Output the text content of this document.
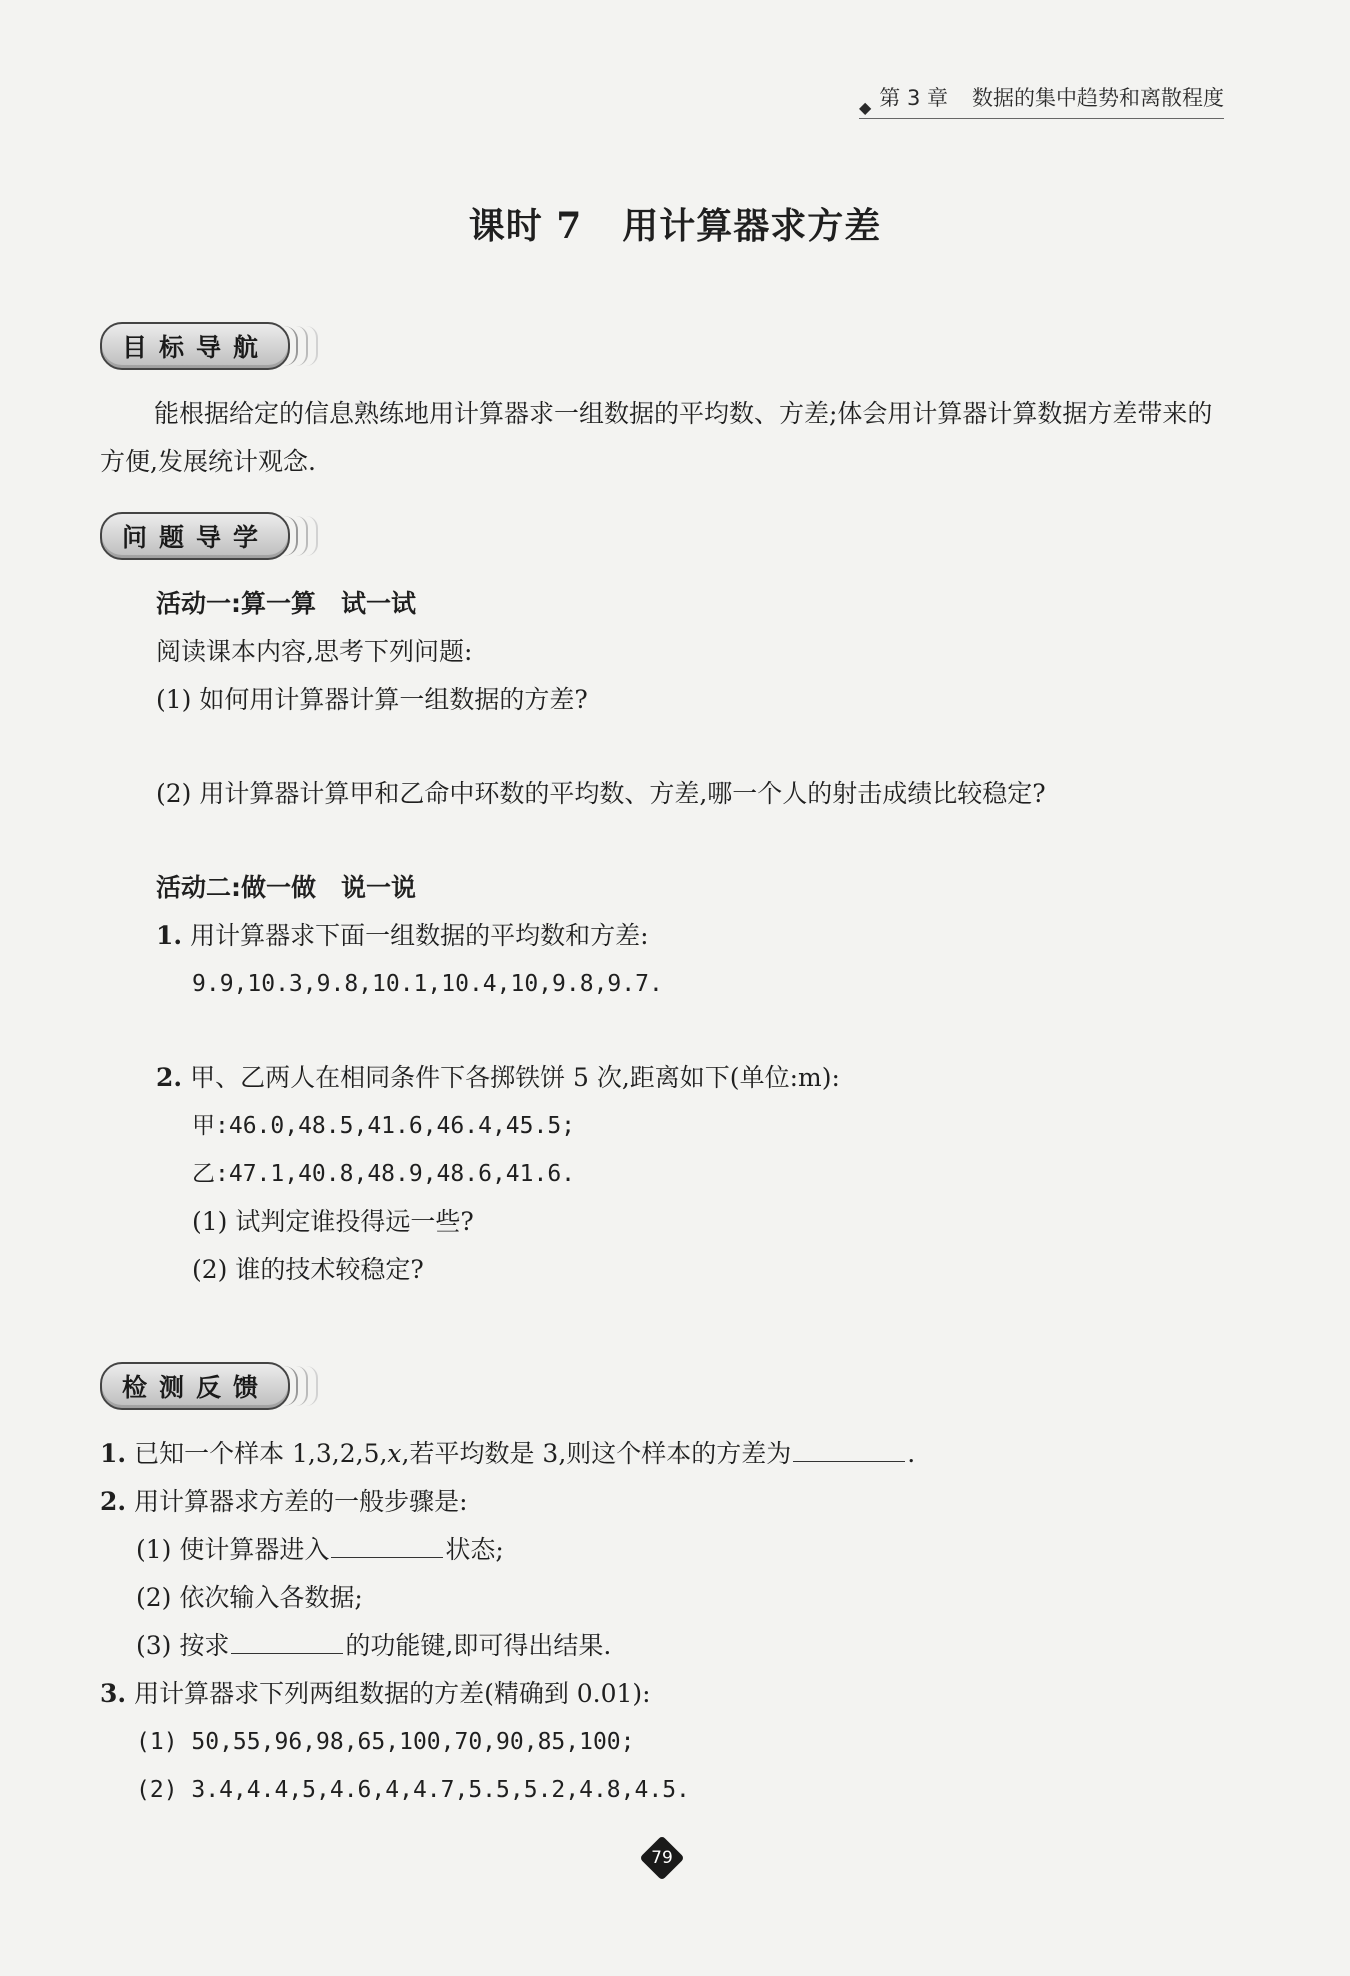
◆ 第 3 章 数据的集中趋势和离散程度
课时 7 用计算器求方差
目标导航
能根据给定的信息熟练地用计算器求一组数据的平均数、方差;体会用计算器计算数据方差带来的方便,发展统计观念.
问题导学
活动一:算一算　试一试
阅读课本内容,思考下列问题:
(1) 如何用计算器计算一组数据的方差?
(2) 用计算器计算甲和乙命中环数的平均数、方差,哪一个人的射击成绩比较稳定?
活动二:做一做　说一说
1. 用计算器求下面一组数据的平均数和方差:
9.9,10.3,9.8,10.1,10.4,10,9.8,9.7.
2. 甲、乙两人在相同条件下各掷铁饼 5 次,距离如下(单位:m):
甲:46.0,48.5,41.6,46.4,45.5;
乙:47.1,40.8,48.9,48.6,41.6.
(1) 试判定谁投得远一些?
(2) 谁的技术较稳定?
检测反馈
1. 已知一个样本 1,3,2,5,x,若平均数是 3,则这个样本的方差为	.
2. 用计算器求方差的一般步骤是:
(1) 使计算器进入	状态;
(2) 依次输入各数据;
(3) 按求	的功能键,即可得出结果.
3. 用计算器求下列两组数据的方差(精确到 0.01):
(1) 50,55,96,98,65,100,70,90,85,100;
(2) 3.4,4.4,5,4.6,4,4.7,5.5,5.2,4.8,4.5.
79
